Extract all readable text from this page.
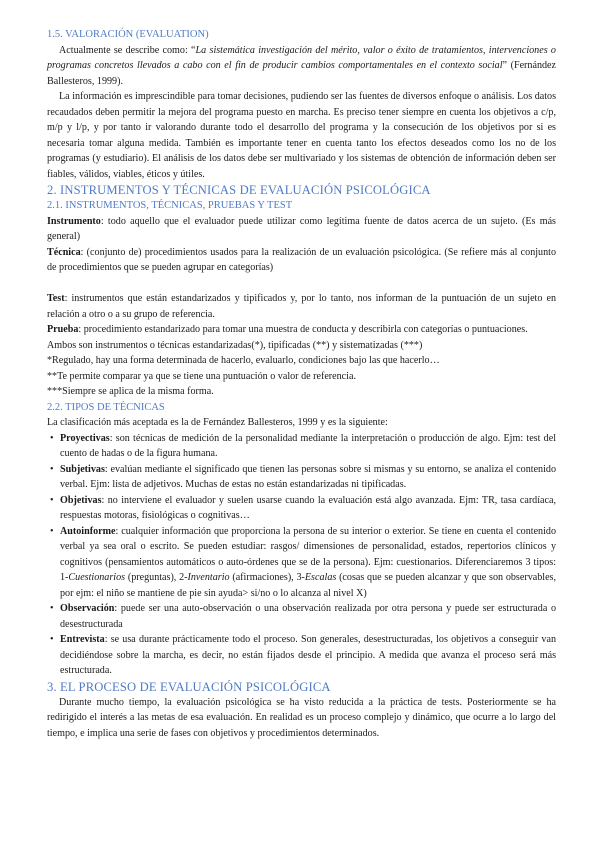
1.5. VALORACIÓN (EVALUATION)

Actualmente se describe como: “La sistemática investigación del mérito, valor o éxito de tratamientos, intervenciones o programas concretos llevados a cabo con el fin de producir cambios comportamentales en el contexto social” (Fernández Ballesteros, 1999).

La información es imprescindible para tomar decisiones, pudiendo ser las fuentes de diversos enfoque o análisis. Los datos recaudados deben permitir la mejora del programa puesto en marcha. Es preciso tener siempre en cuenta los objetivos a c/p, m/p y l/p, y por tanto ir valorando durante todo el desarrollo del programa y la consecución de los objetivos por si es necesaria tomar alguna medida. También es importante tener en cuenta tanto los efectos deseados como los no de los programas (y estudiario). El análisis de los datos debe ser multivariado y los sistemas de obtención de información deben ser fiables, válidos, viables, éticos y útiles.

2. INSTRUMENTOS Y TÉCNICAS DE EVALUACIÓN PSICOLÓGICA

2.1. INSTRUMENTOS, TÉCNICAS, PRUEBAS Y TEST

Instrumento: todo aquello que el evaluador puede utilizar como legítima fuente de datos acerca de un sujeto. (Es más general)

Técnica: (conjunto de) procedimientos usados para la realización de un evaluación psicológica. (Se refiere más al conjunto de procedimientos que se pueden agrupar en categorías)

Test: instrumentos que están estandarizados y tipificados y, por lo tanto, nos informan de la puntuación de un sujeto en relación a otro o a su grupo de referencia.

Prueba: procedimiento estandarizado para tomar una muestra de conducta y describirla con categorías o puntuaciones.

Ambos son instrumentos o técnicas estandarizadas(*), tipificadas (**) y sistematizadas (***)

*Regulado, hay una forma determinada de hacerlo, evaluarlo, condiciones bajo las que hacerlo…

**Te permite comparar ya que se tiene una puntuación o valor de referencia.

***Siempre se aplica de la misma forma.

2.2. TIPOS DE TÉCNICAS

La clasificación más aceptada es la de Fernández Ballesteros, 1999 y es la siguiente:

• Proyectivas: son técnicas de medición de la personalidad mediante la interpretación o producción de algo. Ejm: test del cuento de hadas o de la figura humana.
• Subjetivas: evalúan mediante el significado que tienen las personas sobre si mismas y su entorno, se analiza el contenido verbal. Ejm: lista de adjetivos. Muchas de estas no están estandarizadas ni tipificadas.
• Objetivas: no interviene el evaluador y suelen usarse cuando la evaluación está algo avanzada. Ejm: TR, tasa cardíaca, respuestas motoras, fisiológicas o cognitivas…
• Autoinforme: cualquier información que proporciona la persona de su interior o exterior. Se tiene en cuenta el contenido verbal ya sea oral o escrito. Se pueden estudiar: rasgos/ dimensiones de personalidad, estados, repertorios clínicos y cognitivos (pensamientos automáticos o auto-órdenes que se de la persona). Ejm: cuestionarios. Diferenciaremos 3 tipos: 1-Cuestionarios (preguntas), 2-Inventario (afirmaciones), 3-Escalas (cosas que se pueden alcanzar y que son observables, por ejm: el niño se mantiene de pie sin ayuda> si/no o lo alcanza al nivel X)
• Observación: puede ser una auto-observación o una observación realizada por otra persona y puede ser estructurada o desestructurada
• Entrevista: se usa durante prácticamente todo el proceso. Son generales, desestructuradas, los objetivos a conseguir van decidiéndose sobre la marcha, es decir, no están fijados desde el principio. A medida que avanza el proceso será más estructurada.

3. EL PROCESO DE EVALUACIÓN PSICOLÓGICA

Durante mucho tiempo, la evaluación psicológica se ha visto reducida a la práctica de tests. Posteriormente se ha redirigido el interés a las metas de esa evaluación. En realidad es un proceso complejo y dinámico, que ocurre a lo largo del tiempo, e implica una serie de fases con objetivos y procedimientos determinados.
